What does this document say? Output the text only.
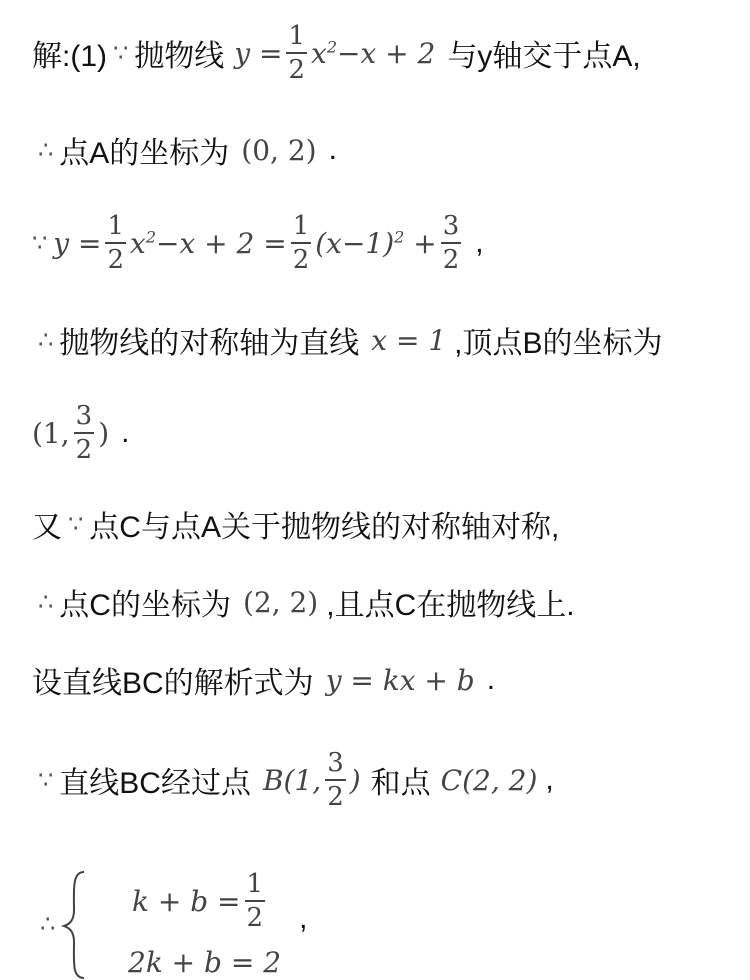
解:(1) ∵ 抛物线 $y = \frac{1}{2} x^2-x + 2$ 与y轴交于点A,
∴ 点A的坐标为 (0, 2) .
∵ $y = \frac{1}{2} x^2-x + 2 = \frac{1}{2} (x-1)^2 + \frac{3}{2}$ ,
∴ 抛物线的对称轴为直线 x = 1 ,顶点B的坐标为
(1, $\frac{3}{2}$ ) .
又 ∵ 点C与点A关于抛物线的对称轴对称,
∴ 点C的坐标为 (2, 2) ,且点C在抛物线上.
设直线BC的解析式为 y = kx + b .
∵ 直线BC经过点 B(1, $\frac{3}{2}$ ) 和点 C(2, 2) ,
∴
$k + b = \frac{1}{2}$ ,
2k + b = 2
